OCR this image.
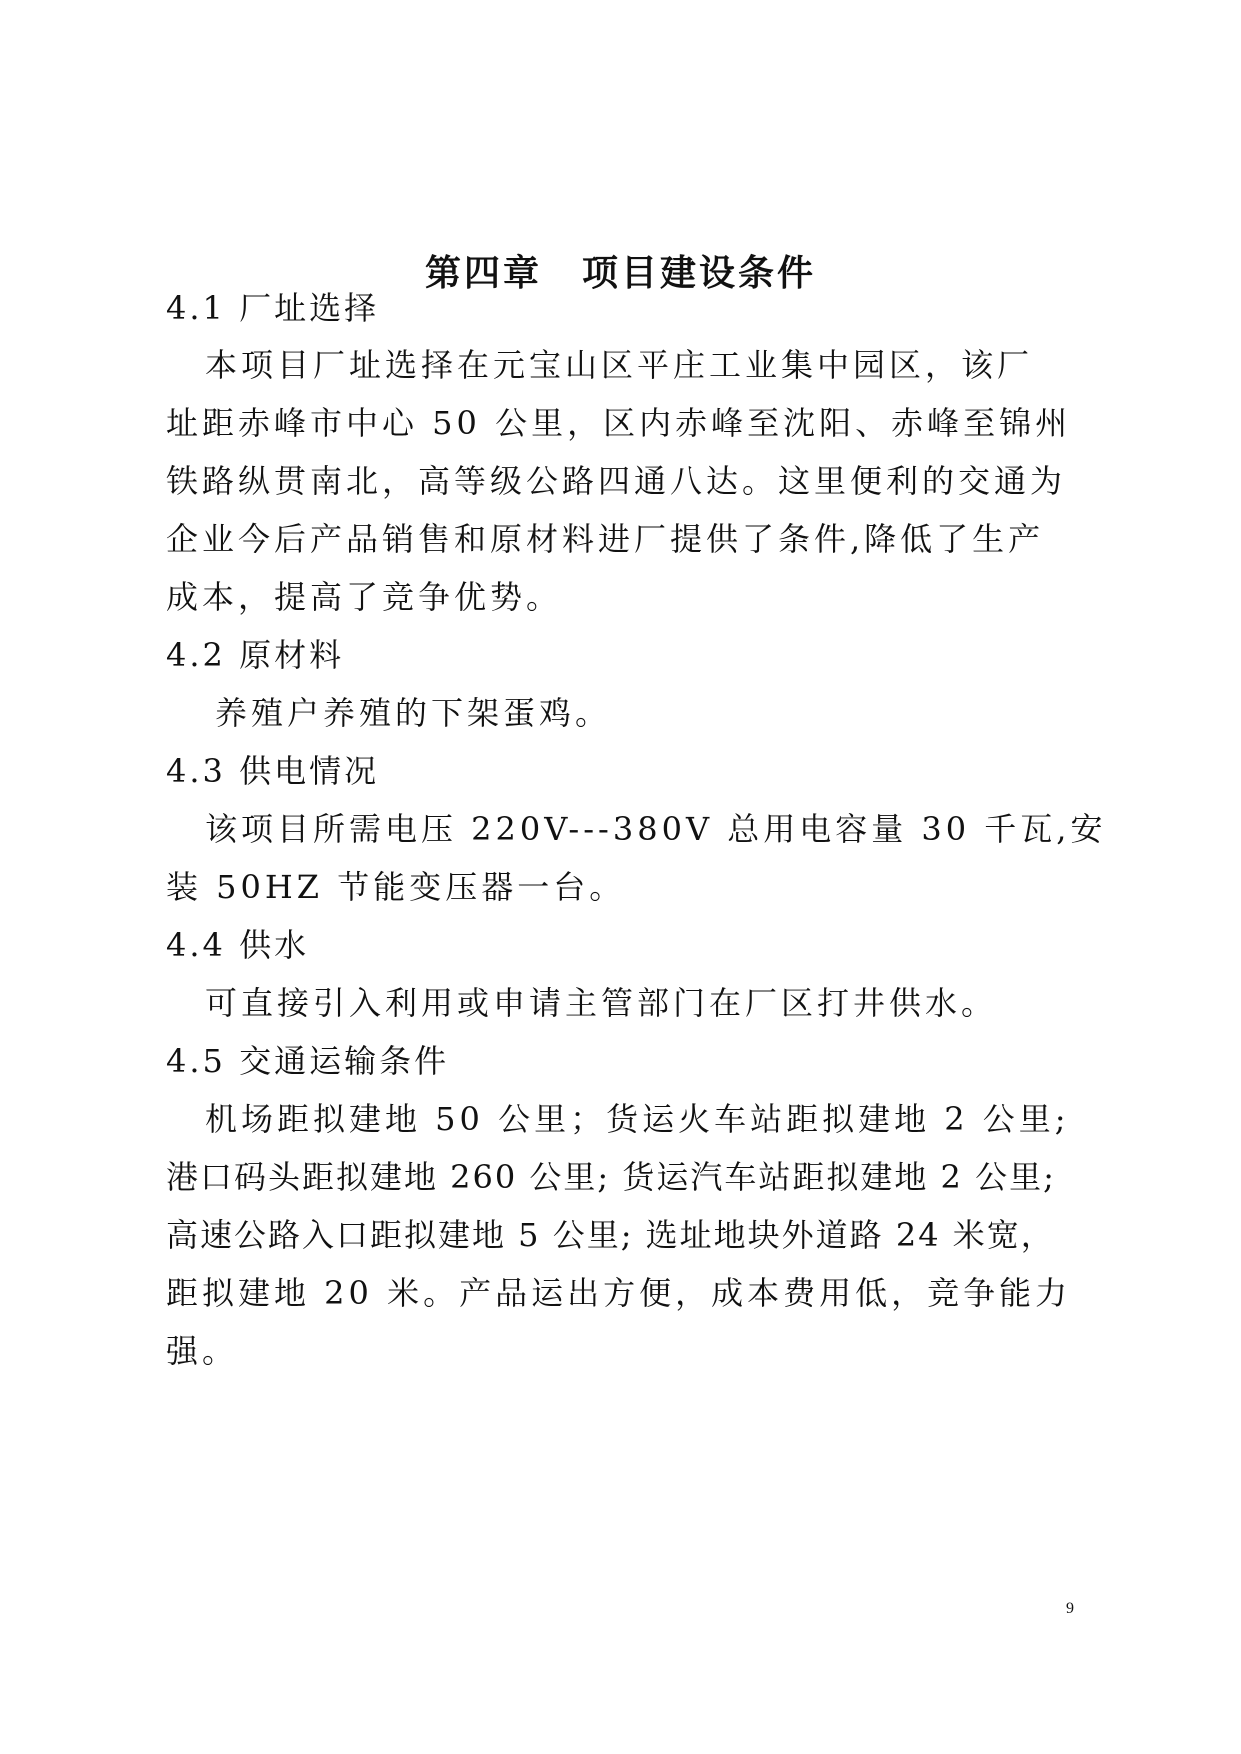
第四章 项目建设条件
4.1 厂址选择
本项目厂址选择在元宝山区平庄工业集中园区，该厂
址距赤峰市中心 50 公里，区内赤峰至沈阳、赤峰至锦州
铁路纵贯南北，高等级公路四通八达。这里便利的交通为
企业今后产品销售和原材料进厂提供了条件,降低了生产
成本，提高了竞争优势。
4.2 原材料
养殖户养殖的下架蛋鸡。
4.3 供电情况
该项目所需电压 220V---380V 总用电容量 30 千瓦,安
装 50HZ 节能变压器一台。
4.4 供水
可直接引入利用或申请主管部门在厂区打井供水。
4.5 交通运输条件
机场距拟建地 50 公里；货运火车站距拟建地 2 公里;
港口码头距拟建地 260 公里; 货运汽车站距拟建地 2 公里;
高速公路入口距拟建地 5 公里; 选址地块外道路 24 米宽，
距拟建地 20 米。产品运出方便，成本费用低，竞争能力
强。
9
